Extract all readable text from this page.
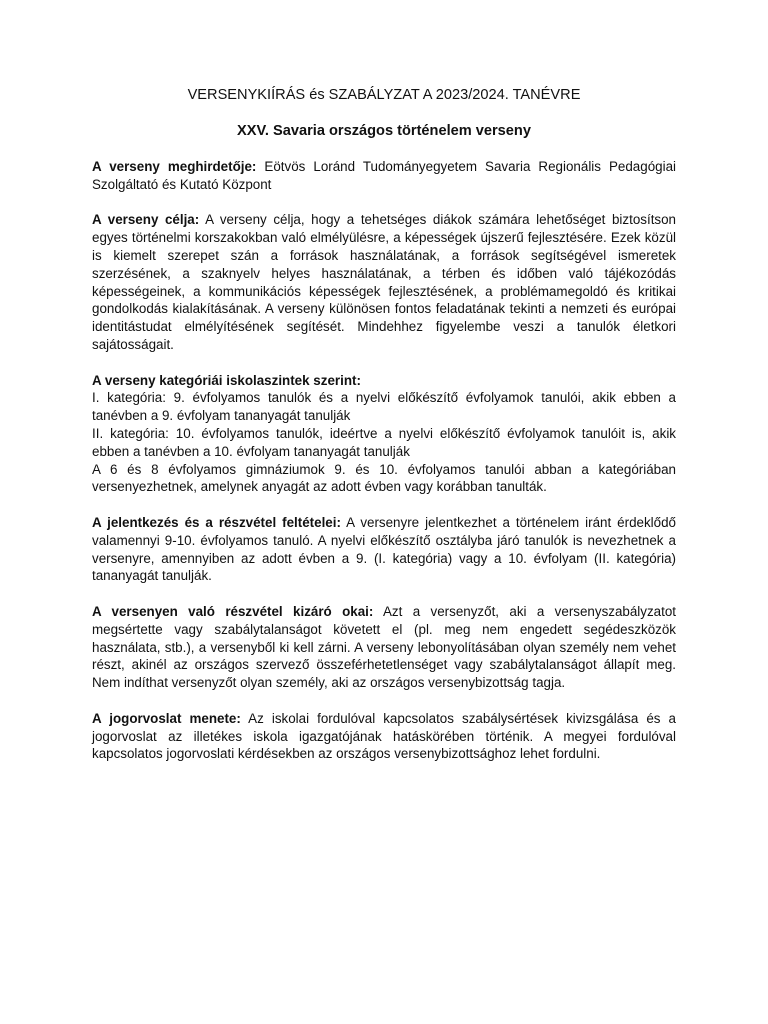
VERSENYKIÍRÁS és SZABÁLYZAT A 2023/2024. TANÉVRE
XXV. Savaria országos történelem verseny

A verseny meghirdetője: Eötvös Loránd Tudományegyetem Savaria Regionális Pedagógiai Szolgáltató és Kutató Központ

A verseny célja: A verseny célja, hogy a tehetséges diákok számára lehetőséget biztosítson egyes történelmi korszakokban való elmélyülésre, a képességek újszerű fejlesztésére. Ezek közül is kiemelt szerepet szán a források használatának, a források segítségével ismeretek szerzésének, a szaknyelv helyes használatának, a térben és időben való tájékozódás képességeinek, a kommunikációs képességek fejlesztésének, a problémamegoldó és kritikai gondolkodás kialakításának. A verseny különösen fontos feladatának tekinti a nemzeti és európai identitástudat elmélyítésének segítését. Mindehhez figyelembe veszi a tanulók életkori sajátosságait.

A verseny kategóriái iskolaszintek szerint:
I. kategória: 9. évfolyamos tanulók és a nyelvi előkészítő évfolyamok tanulói, akik ebben a tanévben a 9. évfolyam tananyagát tanulják
II. kategória: 10. évfolyamos tanulók, ideértve a nyelvi előkészítő évfolyamok tanulóit is, akik ebben a tanévben a 10. évfolyam tananyagát tanulják
A 6 és 8 évfolyamos gimnáziumok 9. és 10. évfolyamos tanulói abban a kategóriában versenyezhetnek, amelynek anyagát az adott évben vagy korábban tanulták.

A jelentkezés és a részvétel feltételei: A versenyre jelentkezhet a történelem iránt érdeklődő valamennyi 9-10. évfolyamos tanuló. A nyelvi előkészítő osztályba járó tanulók is nevezhetnek a versenyre, amennyiben az adott évben a 9. (I. kategória) vagy a 10. évfolyam (II. kategória) tananyagát tanulják.

A versenyen való részvétel kizáró okai: Azt a versenyzőt, aki a versenyszabályzatot megsértette vagy szabálytalanságot követett el (pl. meg nem engedett segédeszközök használata, stb.), a versenyből ki kell zárni. A verseny lebonyolításában olyan személy nem vehet részt, akinél az országos szervező összeférhetetlenséget vagy szabálytalanságot állapít meg. Nem indíthat versenyzőt olyan személy, aki az országos versenybizottság tagja.

A jogorvoslat menete: Az iskolai fordulóval kapcsolatos szabálysértések kivizsgálása és a jogorvoslat az illetékes iskola igazgatójának hatáskörében történik. A megyei fordulóval kapcsolatos jogorvoslati kérdésekben az országos versenybizottsághoz lehet fordulni.
